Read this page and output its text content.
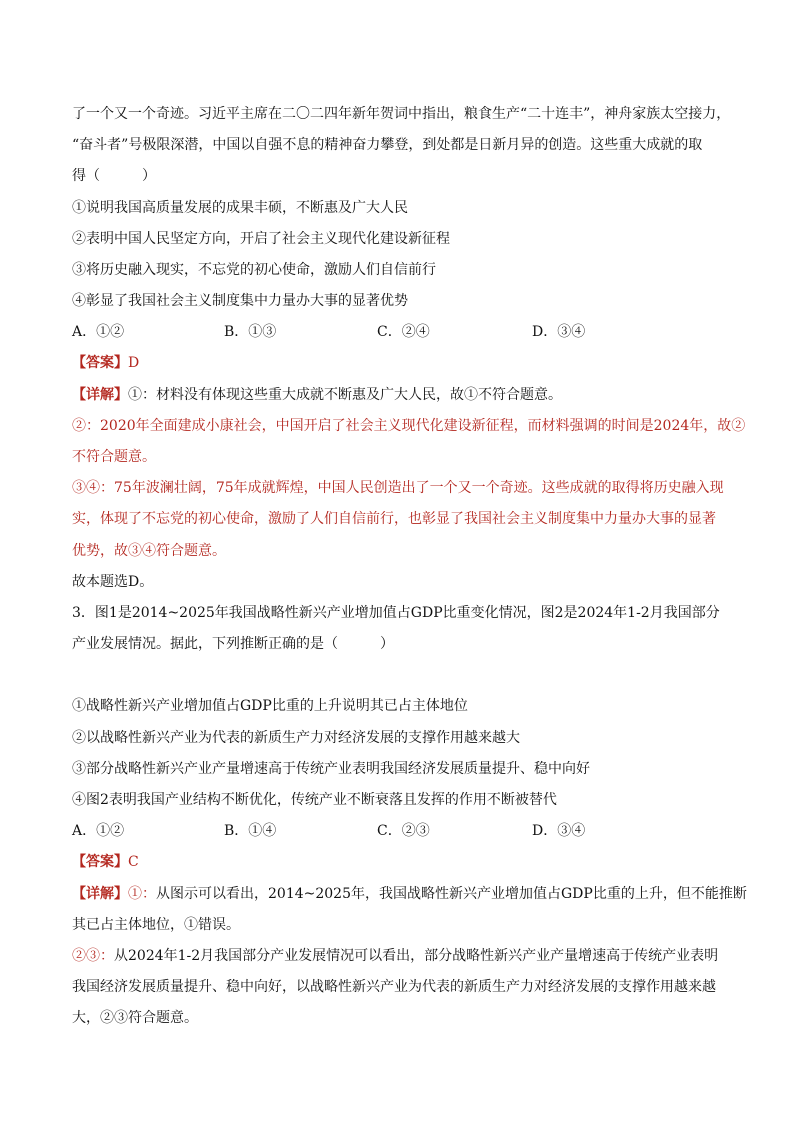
了一个又一个奇迹。习近平主席在二〇二四年新年贺词中指出，粮食生产“二十连丰”，神舟家族太空接力，
“奋斗者”号极限深潜，中国以自强不息的精神奋力攀登，到处都是日新月异的创造。这些重大成就的取
得（　　　）
①说明我国高质量发展的成果丰硕，不断惠及广大人民
②表明中国人民坚定方向，开启了社会主义现代化建设新征程
③将历史融入现实，不忘党的初心使命，激励人们自信前行
④彰显了我国社会主义制度集中力量办大事的显著优势
A．①②	B．①③	C．②④	D．③④
【答案】D
【详解】①：材料没有体现这些重大成就不断惠及广大人民，故①不符合题意。
②：2020年全面建成小康社会，中国开启了社会主义现代化建设新征程，而材料强调的时间是2024年，故②
不符合题意。
③④：75年波澜壮阔，75年成就辉煌，中国人民创造出了一个又一个奇迹。这些成就的取得将历史融入现
实，体现了不忘党的初心使命，激励了人们自信前行，也彰显了我国社会主义制度集中力量办大事的显著
优势，故③④符合题意。
故本题选D。
3．图1是2014~2025年我国战略性新兴产业增加值占GDP比重变化情况，图2是2024年1-2月我国部分
产业发展情况。据此，下列推断正确的是（　　　）
①战略性新兴产业增加值占GDP比重的上升说明其已占主体地位
②以战略性新兴产业为代表的新质生产力对经济发展的支撑作用越来越大
③部分战略性新兴产业产量增速高于传统产业表明我国经济发展质量提升、稳中向好
④图2表明我国产业结构不断优化，传统产业不断衰落且发挥的作用不断被替代
A．①②	B．①④	C．②③	D．③④
【答案】C
【详解】①：从图示可以看出，2014~2025年，我国战略性新兴产业增加值占GDP比重的上升，但不能推断
其已占主体地位，①错误。
②③：从2024年1-2月我国部分产业发展情况可以看出，部分战略性新兴产业产量增速高于传统产业表明
我国经济发展质量提升、稳中向好，以战略性新兴产业为代表的新质生产力对经济发展的支撑作用越来越
大，②③符合题意。
